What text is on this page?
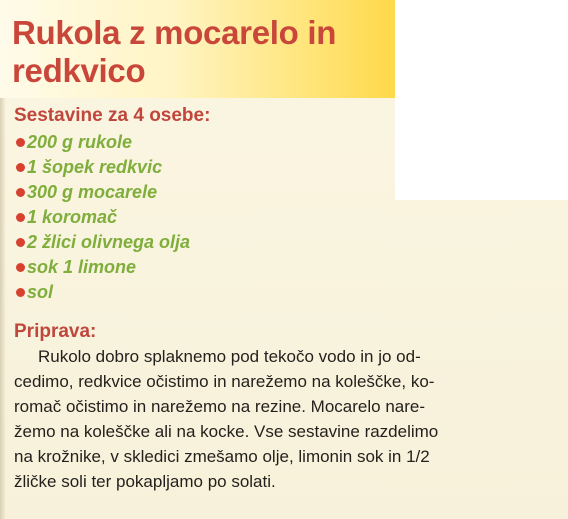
Rukola z mocarelo in
redkvico
Sestavine za 4 osebe:
200 g rukole
1 šopek redkvic
300 g mocarele
1 koromač
2 žlici olivnega olja
sok 1 limone
sol
Priprava:

Rukolo dobro splaknemo pod tekočo vodo in jo od-
cedimo, redkvice očistimo in narežemo na koleščke, ko-
romač očistimo in narežemo na rezine. Mocarelo nare-
žemo na koleščke ali na kocke. Vse sestavine razdelimo
na krožnike, v skledici zmešamo olje, limonin sok in 1/2
žličke soli ter pokapljamo po solati.
